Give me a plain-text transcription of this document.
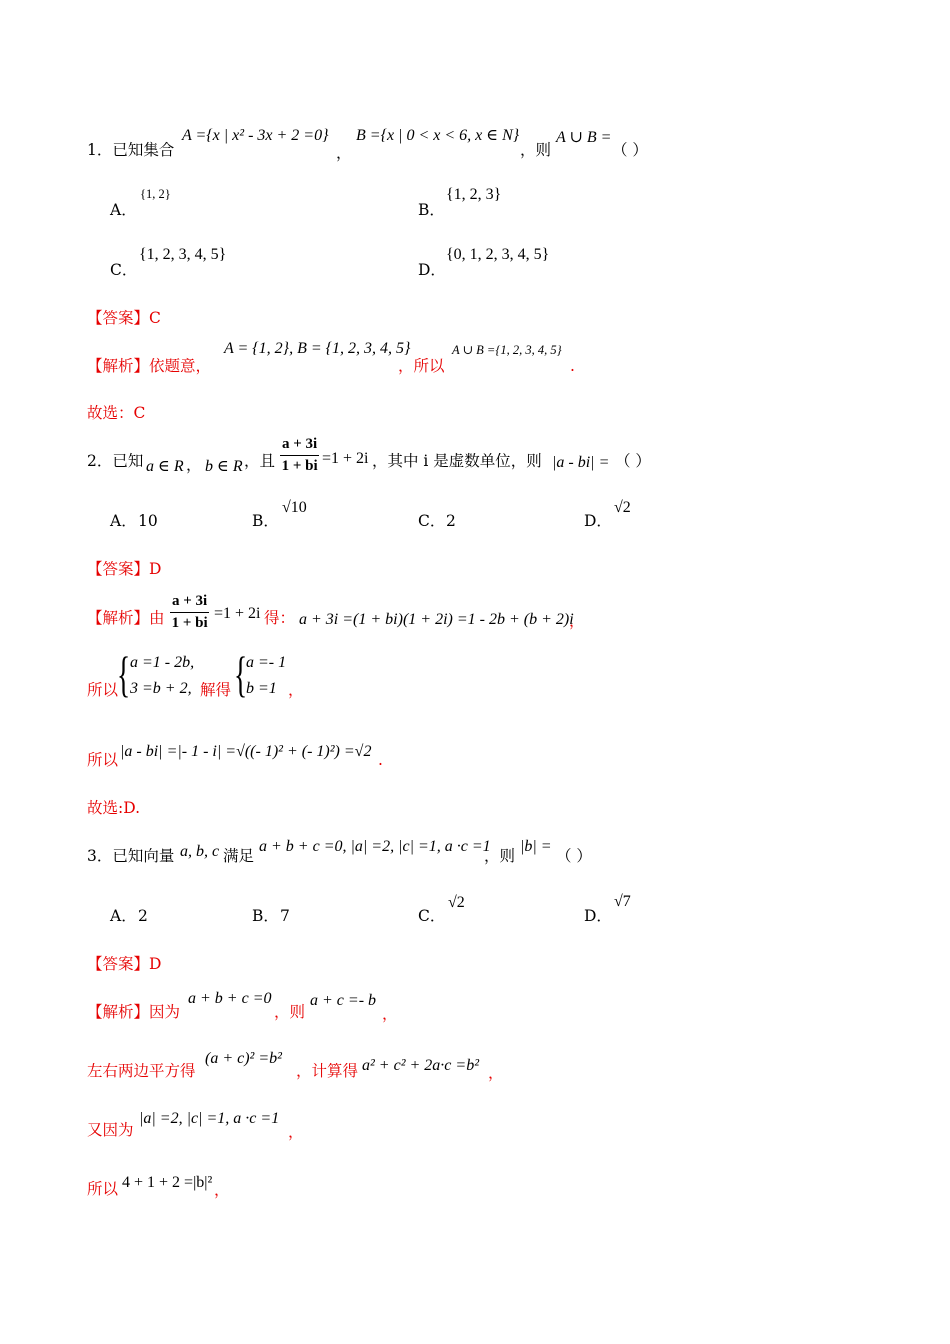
1．已知集合
A ={x | x² - 3x + 2 =0}
，
B ={x | 0 < x < 6, x ∈ N}
，则
A ∪ B =
（ ）
A．
{1, 2}
B．
{1, 2, 3}
C．
{1, 2, 3, 4, 5}
D．
{0, 1, 2, 3, 4, 5}
【答案】C
【解析】依题意，
A = {1, 2}, B = {1, 2, 3, 4, 5}
，所以
A ∪ B ={1, 2, 3, 4, 5}
.
故选：C
2．已知 a ∈ R ， b ∈ R ，且 $\frac{a + 3i}{1 + bi} =1 + 2i$ ，其中 i 是虚数单位，则 |a - bi| = （ ）
A． 10	B．
√10
C． 2	D．
√2
【答案】D
【解析】由 $\frac{a + 3i}{1 + bi} =1 + 2i$ 得： a + 3i =(1 + bi)(1 + 2i) =1 - 2b + (b + 2)i
，
所以
{ a =1 - 2b,
3 =b + 2, 解得 {
a =- 1
b =1 ，
所以 |a - bi| =|- 1 - i| =√((- 1)² + (- 1)²) =√2 .
故选:D.
3．已知向量 a, b, c 满足
a + b + c =0, |a| =2, |c| =1, a ·c =1
，则
|b| =
（ ）
A． 2	B． 7	C．
√2
D．
√7
【答案】D
【解析】因为
a + b + c =0
，则
a + c =- b
，
左右两边平方得
(a + c)² =b²
，计算得 a² + c² + 2a·c =b² ，
又因为
|a| =2, |c| =1, a ·c =1
，
所以 4 + 1 + 2 =|b|² ，
